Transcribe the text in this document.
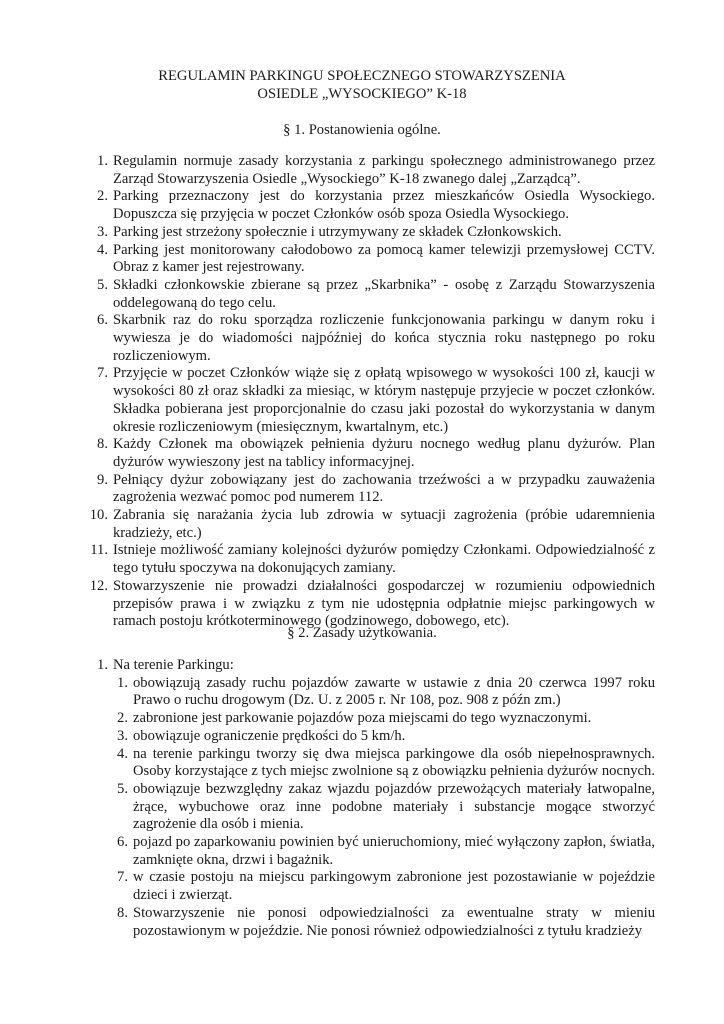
REGULAMIN PARKINGU SPOŁECZNEGO STOWARZYSZENIA
OSIEDLE „WYSOCKIEGO” K-18
§ 1. Postanowienia ogólne.
1. Regulamin normuje zasady korzystania z parkingu społecznego administrowanego przez Zarząd Stowarzyszenia Osiedle „Wysockiego” K-18 zwanego dalej „Zarządcą”.
2. Parking przeznaczony jest do korzystania przez mieszkańców Osiedla Wysockiego. Dopuszcza się przyjęcia w poczet Członków osób spoza Osiedla Wysockiego.
3. Parking jest strzeżony społecznie i utrzymywany ze składek Członkowskich.
4. Parking jest monitorowany całodobowo za pomocą kamer telewizji przemysłowej CCTV. Obraz z kamer jest rejestrowany.
5. Składki członkowskie zbierane są przez „Skarbnika” - osobę z Zarządu Stowarzyszenia oddelegowaną do tego celu.
6. Skarbnik raz do roku sporządza rozliczenie funkcjonowania parkingu w danym roku i wywiesza je do wiadomości najpóźniej do końca stycznia roku następnego po roku rozliczeniowym.
7. Przyjęcie w poczet Członków wiąże się z opłatą wpisowego w wysokości 100 zł, kaucji w wysokości 80 zł oraz składki za miesiąc, w którym następuje przyjecie w poczet członków. Składka pobierana jest proporcjonalnie do czasu jaki pozostał do wykorzystania w danym okresie rozliczeniowym (miesięcznym, kwartalnym, etc.)
8. Każdy Członek ma obowiązek pełnienia dyżuru nocnego według planu dyżurów. Plan dyżurów wywieszony jest na tablicy informacyjnej.
9. Pełniący dyżur zobowiązany jest do zachowania trzeźwości a w przypadku zauważenia zagrożenia wezwać pomoc pod numerem 112.
10. Zabrania się narażania życia lub zdrowia w sytuacji zagrożenia (próbie udaremnienia kradzieży, etc.)
11. Istnieje możliwość zamiany kolejności dyżurów pomiędzy Członkami. Odpowiedzialność z tego tytułu spoczywa na dokonujących zamiany.
12. Stowarzyszenie nie prowadzi działalności gospodarczej w rozumieniu odpowiednich przepisów prawa i w związku z tym nie udostępnia odpłatnie miejsc parkingowych w ramach postoju krótkoterminowego (godzinowego, dobowego, etc).
§ 2. Zasady użytkowania.
1. Na terenie Parkingu:
1. obowiązują zasady ruchu pojazdów zawarte w ustawie z dnia 20 czerwca 1997 roku Prawo o ruchu drogowym (Dz. U. z 2005 r. Nr 108, poz. 908 z późn zm.)
2. zabronione jest parkowanie pojazdów poza miejscami do tego wyznaczonymi.
3. obowiązuje ograniczenie prędkości do 5 km/h.
4. na terenie parkingu tworzy się dwa miejsca parkingowe dla osób niepełnosprawnych. Osoby korzystające z tych miejsc zwolnione są z obowiązku pełnienia dyżurów nocnych.
5. obowiązuje bezwzględny zakaz wjazdu pojazdów przewożących materiały łatwopalne, żrące, wybuchowe oraz inne podobne materiały i substancje mogące stworzyć zagrożenie dla osób i mienia.
6. pojazd po zaparkowaniu powinien być unieruchomiony, mieć wyłączony zapłon, światła, zamknięte okna, drzwi i bagażnik.
7. w czasie postoju na miejscu parkingowym zabronione jest pozostawianie w pojeździe dzieci i zwierząt.
8. Stowarzyszenie nie ponosi odpowiedzialności za ewentualne straty w mieniu pozostawionym w pojeździe. Nie ponosi również odpowiedzialności z tytułu kradzieży
